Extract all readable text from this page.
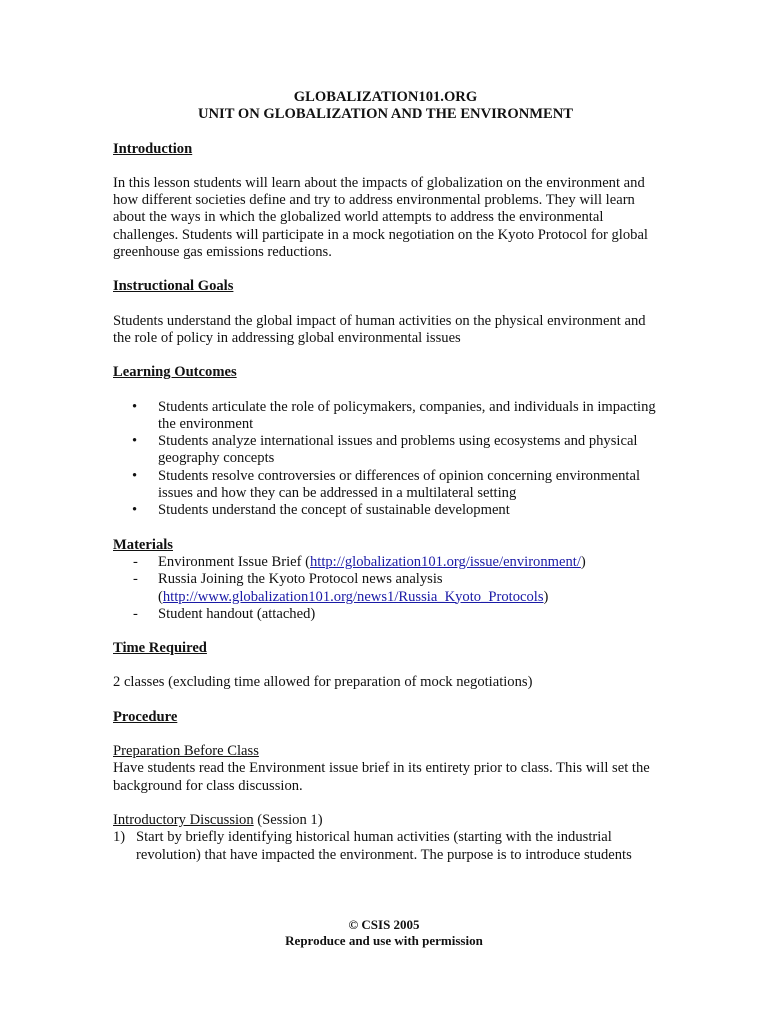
GLOBALIZATION101.ORG

UNIT ON GLOBALIZATION AND THE ENVIRONMENT

Introduction

In this lesson students will learn about the impacts of globalization on the environment and how different societies define and try to address environmental problems. They will learn about the ways in which the globalized world attempts to address the environmental challenges. Students will participate in a mock negotiation on the Kyoto Protocol for global greenhouse gas emissions reductions.

Instructional Goals

Students understand the global impact of human activities on the physical environment and the role of policy in addressing global environmental issues

Learning Outcomes

• Students articulate the role of policymakers, companies, and individuals in impacting the environment
• Students analyze international issues and problems using ecosystems and physical geography concepts
• Students resolve controversies or differences of opinion concerning environmental issues and how they can be addressed in a multilateral setting
• Students understand the concept of sustainable development

Materials

- Environment Issue Brief (http://globalization101.org/issue/environment/)
- Russia Joining the Kyoto Protocol news analysis
(http://www.globalization101.org/news1/Russia_Kyoto_Protocols)
- Student handout (attached)

Time Required

2 classes (excluding time allowed for preparation of mock negotiations)

Procedure

Preparation Before Class

Have students read the Environment issue brief in its entirety prior to class. This will set the background for class discussion.

Introductory Discussion (Session 1)

1) Start by briefly identifying historical human activities (starting with the industrial revolution) that have impacted the environment. The purpose is to introduce students
© CSIS 2005
Reproduce and use with permission
